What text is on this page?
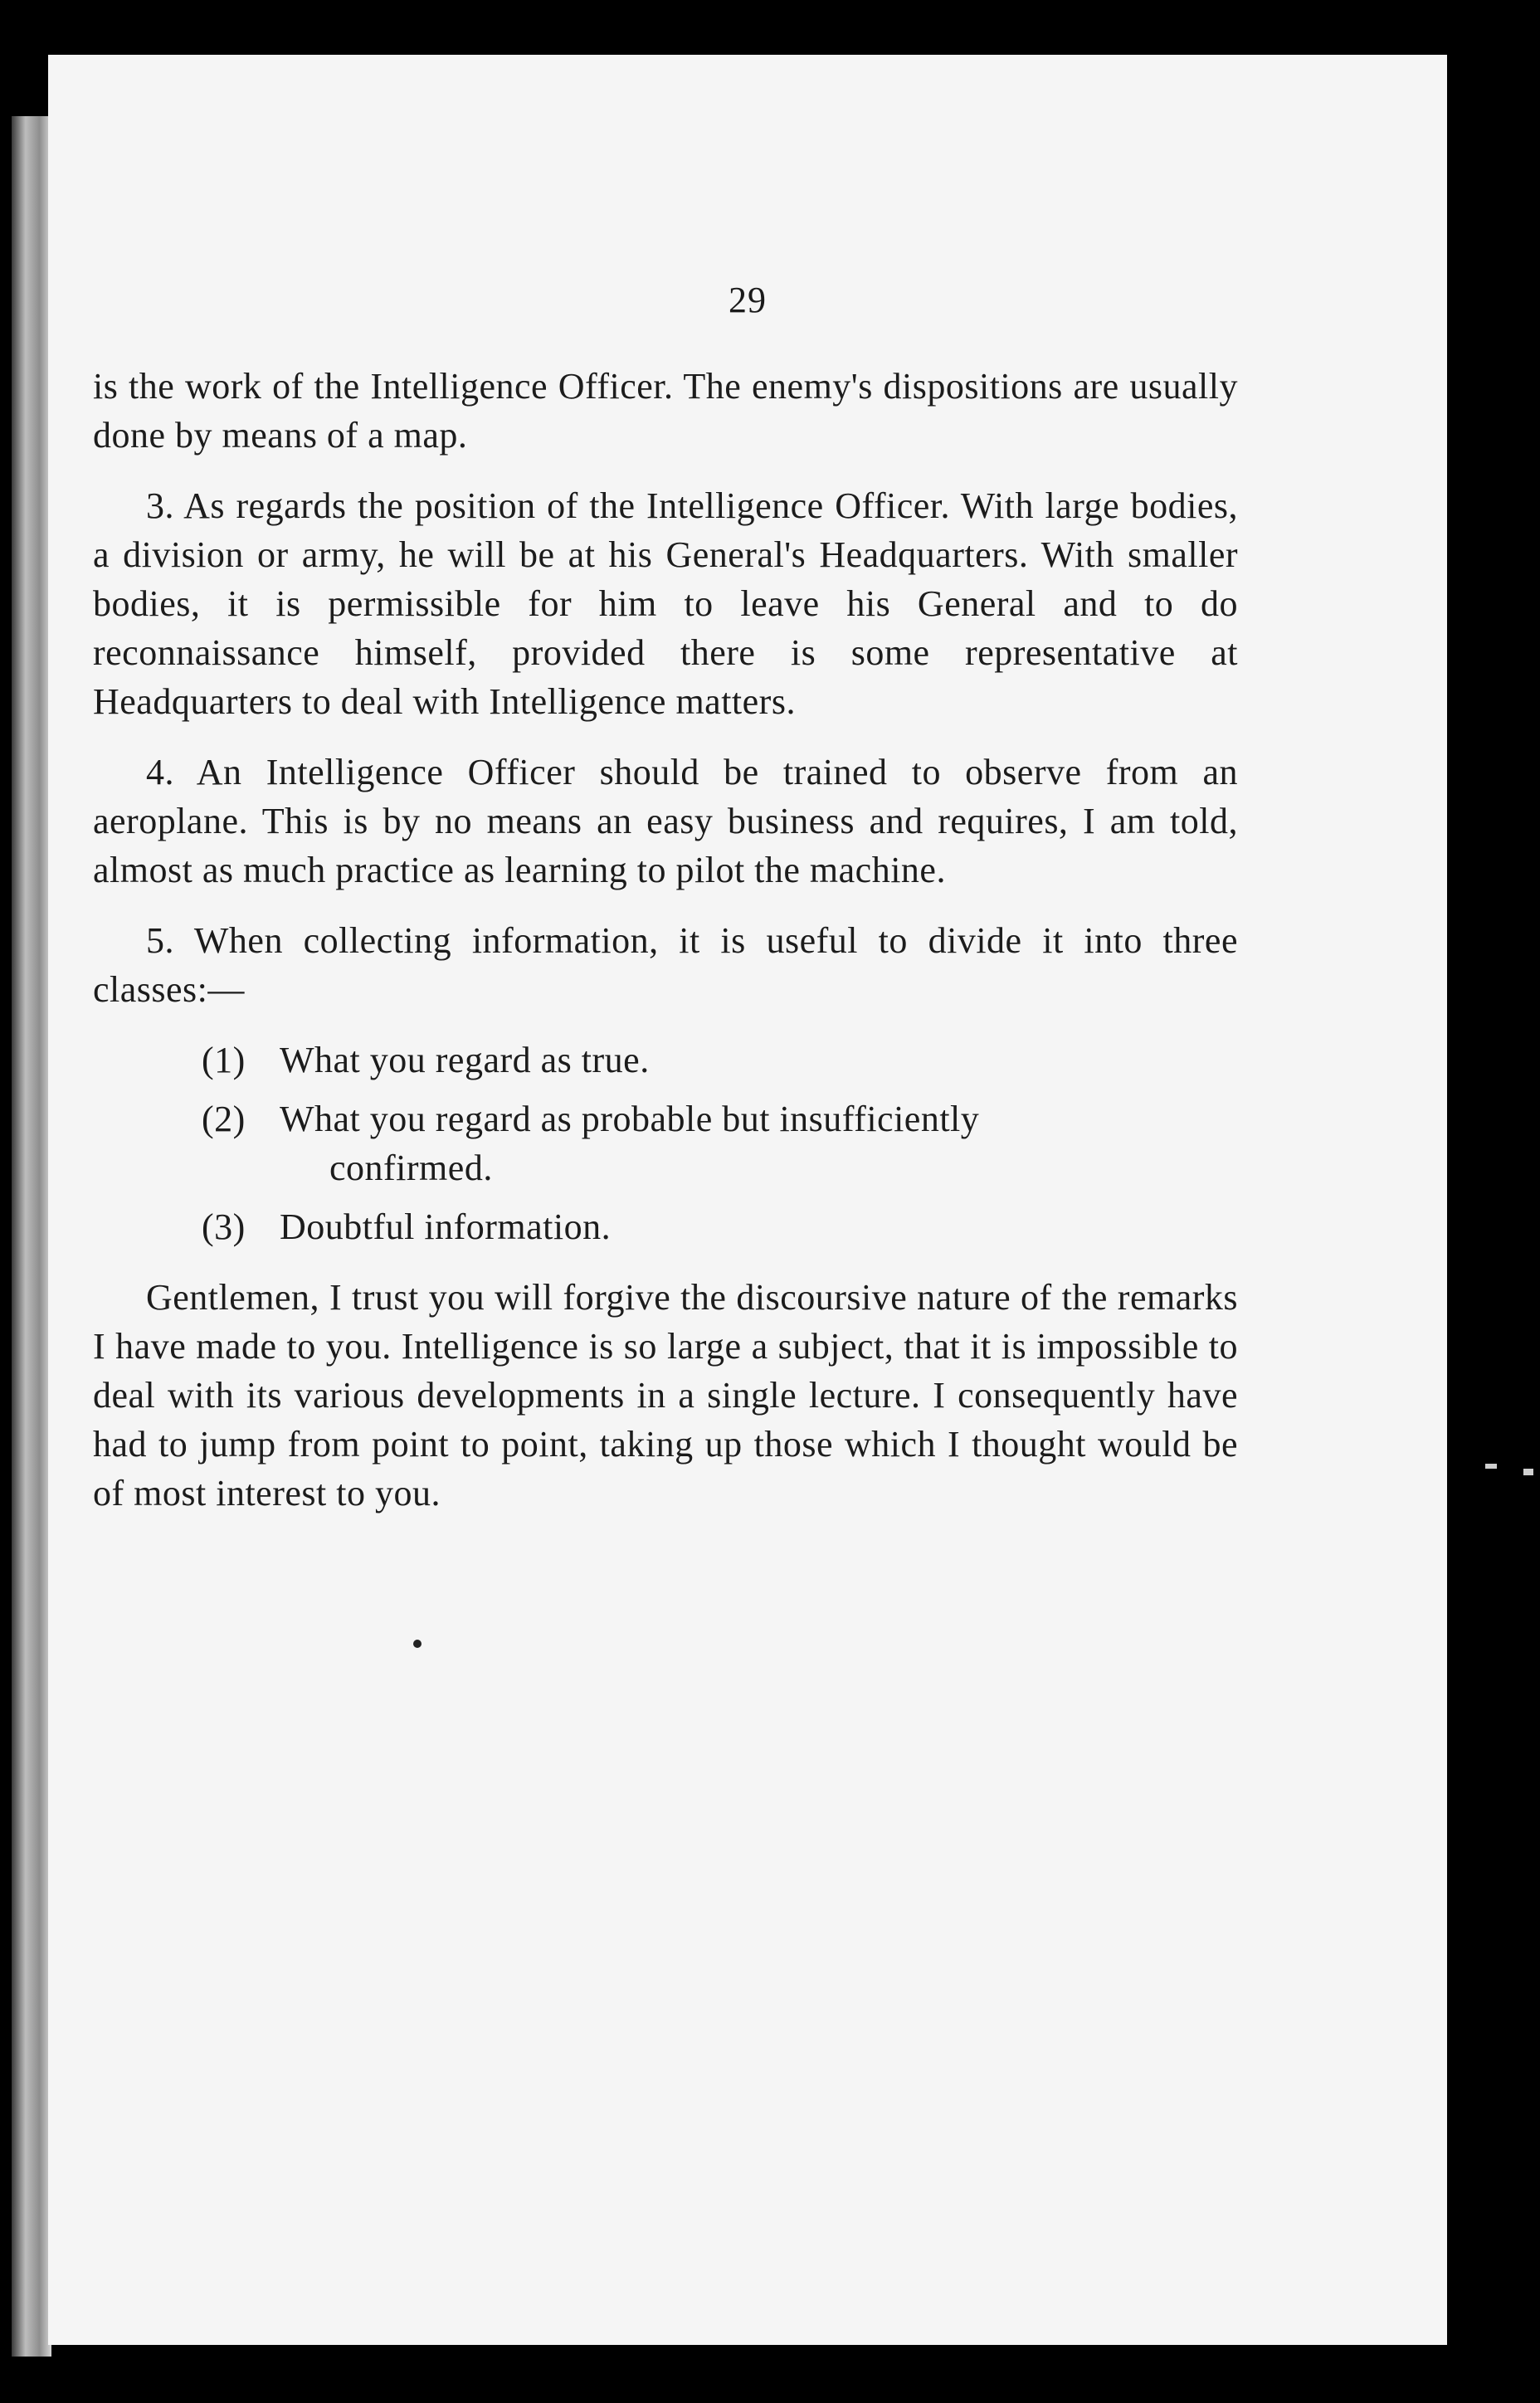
29

is the work of the Intelligence Officer. The enemy's dispositions are usually done by means of a map.

3. As regards the position of the Intelligence Officer. With large bodies, a division or army, he will be at his General's Headquarters. With smaller bodies, it is permissible for him to leave his General and to do reconnaissance himself, provided there is some representative at Headquarters to deal with Intelligence matters.

4. An Intelligence Officer should be trained to observe from an aeroplane. This is by no means an easy business and requires, I am told, almost as much practice as learning to pilot the machine.

5. When collecting information, it is useful to divide it into three classes:—

(1) What you regard as true.
(2) What you regard as probable but insufficiently
confirmed.
(3) Doubtful information.

Gentlemen, I trust you will forgive the discoursive nature of the remarks I have made to you. Intelligence is so large a subject, that it is impossible to deal with its various developments in a single lecture. I consequently have had to jump from point to point, taking up those which I thought would be of most interest to you.
